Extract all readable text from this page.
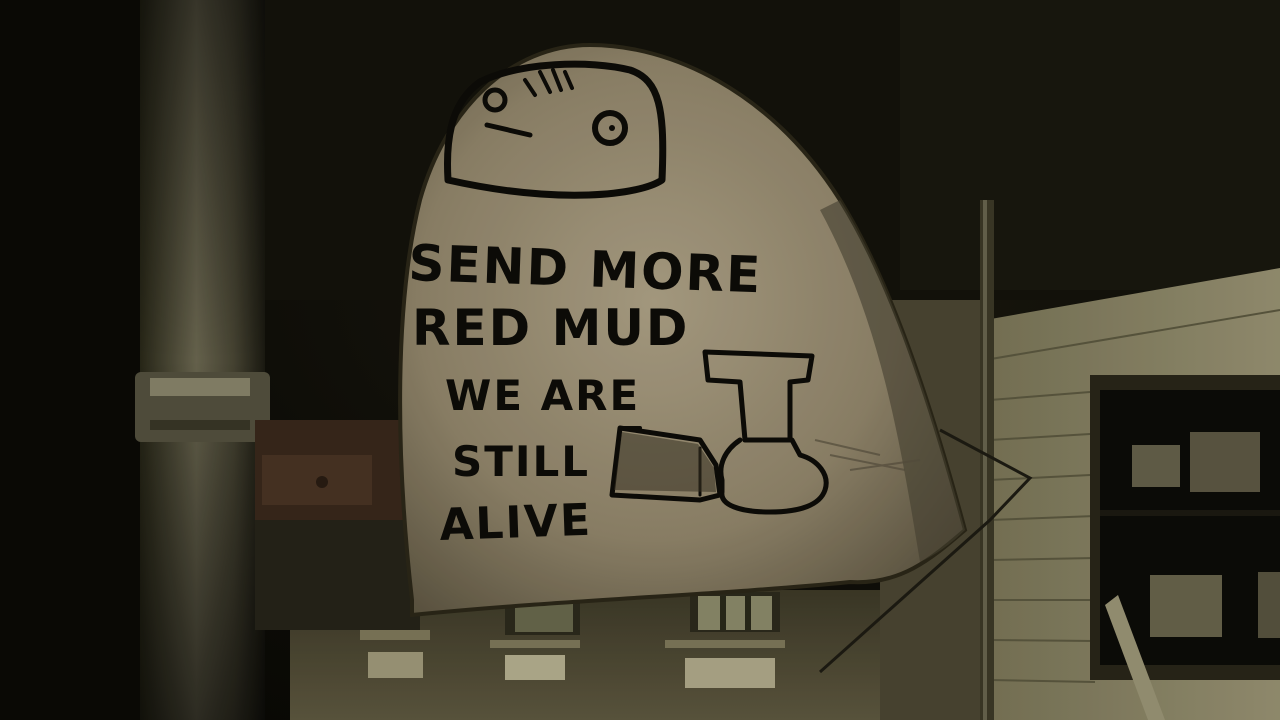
SEND MORE
RED MUD
WE ARE
STILL
ALIVE
